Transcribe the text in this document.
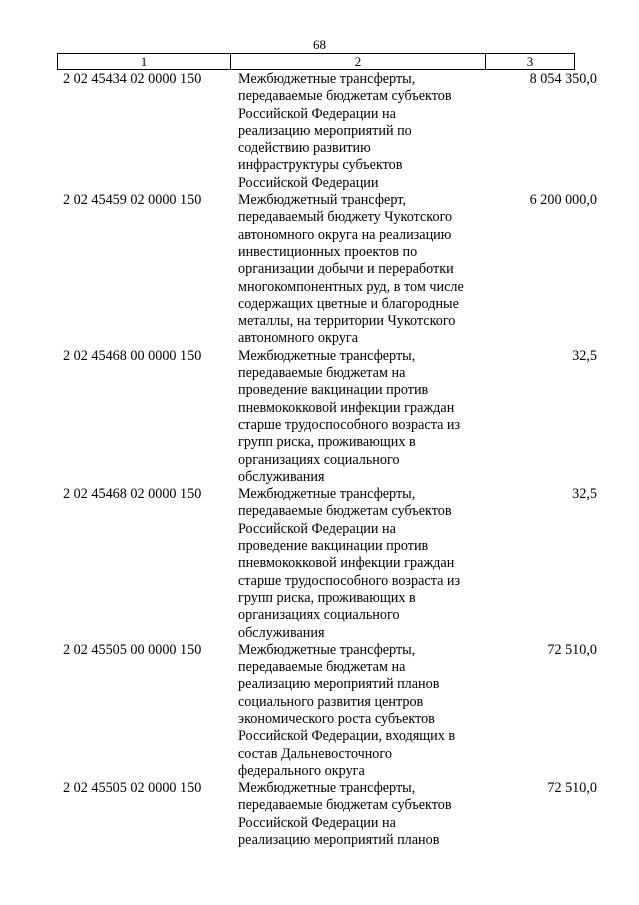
68
1	2	3
2 02 45434 02 0000 150	Межбюджетные трансферты,
передаваемые бюджетам субъектов
Российской Федерации на
реализацию мероприятий по
содействию развитию
инфраструктуры субъектов
Российской Федерации
8 054 350,0
2 02 45459 02 0000 150	Межбюджетный трансферт,
передаваемый бюджету Чукотского
автономного округа на реализацию
инвестиционных проектов по
организации добычи и переработки
многокомпонентных руд, в том числе
содержащих цветные и благородные
металлы, на территории Чукотского
автономного округа
6 200 000,0
2 02 45468 00 0000 150	Межбюджетные трансферты,
передаваемые бюджетам на
проведение вакцинации против
пневмококковой инфекции граждан
старше трудоспособного возраста из
групп риска, проживающих в
организациях социального
обслуживания
32,5
2 02 45468 02 0000 150	Межбюджетные трансферты,
передаваемые бюджетам субъектов
Российской Федерации на
проведение вакцинации против
пневмококковой инфекции граждан
старше трудоспособного возраста из
групп риска, проживающих в
организациях социального
обслуживания
32,5
2 02 45505 00 0000 150	Межбюджетные трансферты,
передаваемые бюджетам на
реализацию мероприятий планов
социального развития центров
экономического роста субъектов
Российской Федерации, входящих в
состав Дальневосточного
федерального округа
72 510,0
2 02 45505 02 0000 150	Межбюджетные трансферты,
передаваемые бюджетам субъектов
Российской Федерации на
реализацию мероприятий планов
72 510,0
